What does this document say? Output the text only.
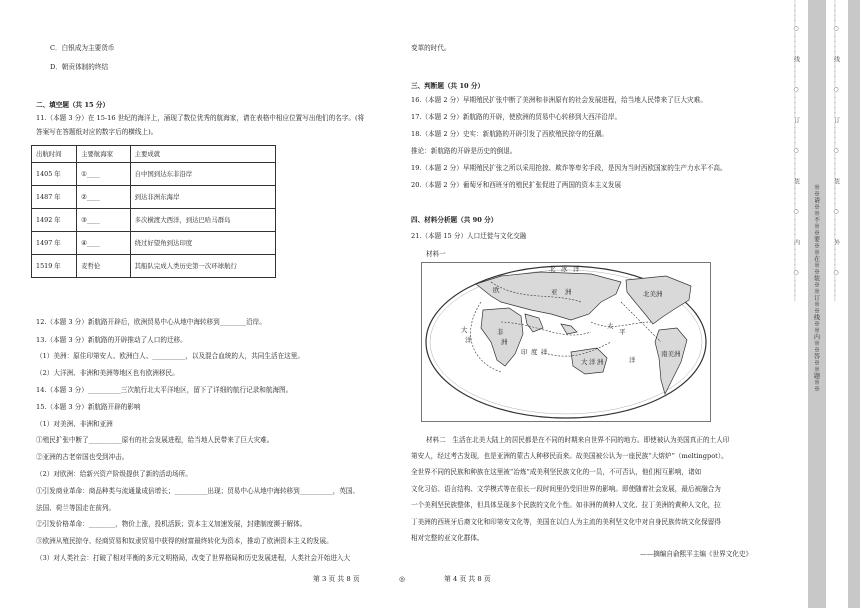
C．白银成为主要货币
D．朝贡体制的终结
二、填空题（共 15 分）
11.（本题 3 分）在 15-16 世纪的海洋上，涌现了数位优秀的航海家，请在表格中相应位置写出他们的名字。(将
答案写在答题纸对应的数字后的横线上)。
出航时间	主要航海家	主要成就
1405 年	①____	自中国到达东非沿岸
1487 年	②____	到达非洲东海岸
1492 年	③____	多次横渡大西洋，到达巴哈马群岛
1497 年	④____	绕过好望角到达印度
1519 年	麦哲伦	其船队完成人类历史第一次环球航行
12.（本题 3 分）新航路开辟后，欧洲贸易中心从地中海转移到________沿岸。
13.（本题 3 分）新航路的开辟推动了人口的迁移。
（1）美洲：原住印第安人、欧洲白人、__________，以及混合血统的人，共同生活在这里。
（2）大洋洲、非洲和美洲等地区也有欧洲移民。
14.（本题 3 分）__________三次航行北太平洋地区，留下了详细的航行记录和航海图。
15.（本题 3 分）新航路开辟的影响
（1）对美洲、非洲和亚洲
①殖民扩张中断了__________原有的社会发展进程，给当地人民带来了巨大灾难。
②亚洲的古老帝国也受到冲击。
（2）对欧洲：给新兴资产阶级提供了新的活动场所。
①引发商业革命：商品种类与流通量成倍增长；__________出现；贸易中心从地中海转移到__________，英国、
法国、荷兰等国走在前列。
②引发价格革命：________，物价上涨，投机活跃；资本主义加速发展，封建制度濒于解体。
③欧洲从殖民掠夺、经商贸易和奴隶贸易中获得的财富最终转化为资本，推动了欧洲资本主义的发展。
（3）对人类社会：打破了相对平衡的多元文明格局，改变了世界格局和历史发展进程，人类社会开始进入大
第 3 页 共 8 页	◎
变革的时代。
三、判断题（共 10 分）
16.（本题 2 分）早期殖民扩张中断了美洲和非洲原有的社会发展进程，给当地人民带来了巨大灾难。
17.（本题 2 分）新航路的开辟，使欧洲的贸易中心转移到大西洋沿岸。
18.（本题 2 分）史实：新航路的开辟引发了西欧殖民掠夺的狂潮。
推论：新航路的开辟是历史的倒退。
19.（本题 2 分）早期殖民扩张之所以采用抢掠、欺诈等卑劣手段，是因为当时西欧国家的生产力水平不高。
20.（本题 2 分）葡萄牙和西班牙的殖民扩张促进了两国的资本主义发展
四、材料分析题（共 90 分）
21.（本题 15 分）人口迁徙与文化交融
材料一
北 冰 洋
欧	亚 洲	北美洲
非
洲
南美洲
大
洋
印 度 洋
大 洋 洲
太
平
洋
材料二　生活在北美大陆上的居民都是在不同的时期来自世界不同的地方。即使被认为美国真正的土人印
第安人，经过考古发现，也是亚洲的蒙古人种移民而来。故美国被公认为一座民族“大熔炉”（meltingpot）。
全世界不同的民族和种族在这里被“冶炼”成美利坚民族文化的一员，不可否认，他们相互影响，诸如
文化习俗、语言结构、文学模式等在很长一段时间里仍受旧世界的影响。即使随着社会发展，最后被融合为
一个美利坚民族整体，但具体呈现多个民族的文化个性。如非洲的黄种人文化、拉丁美洲的黄种人文化，拉
丁美洲的西班牙后裔文化和印第安文化等，美国在以白人为主流的美利坚文化中对自身民族传统文化保留得
相对完整的亚文化群体。
——摘编自俞熙平主编《世界文化史》
第 4 页 共 8 页
……………○……………线……………○……………订……………○……………装……………○……………内……………○…………… ※※请※※不※※要※※在※※装※※订※※线※※内※※答※※题※※ ……………○……………线……………○……………订……………○……………装……………○……………外……………○……………
